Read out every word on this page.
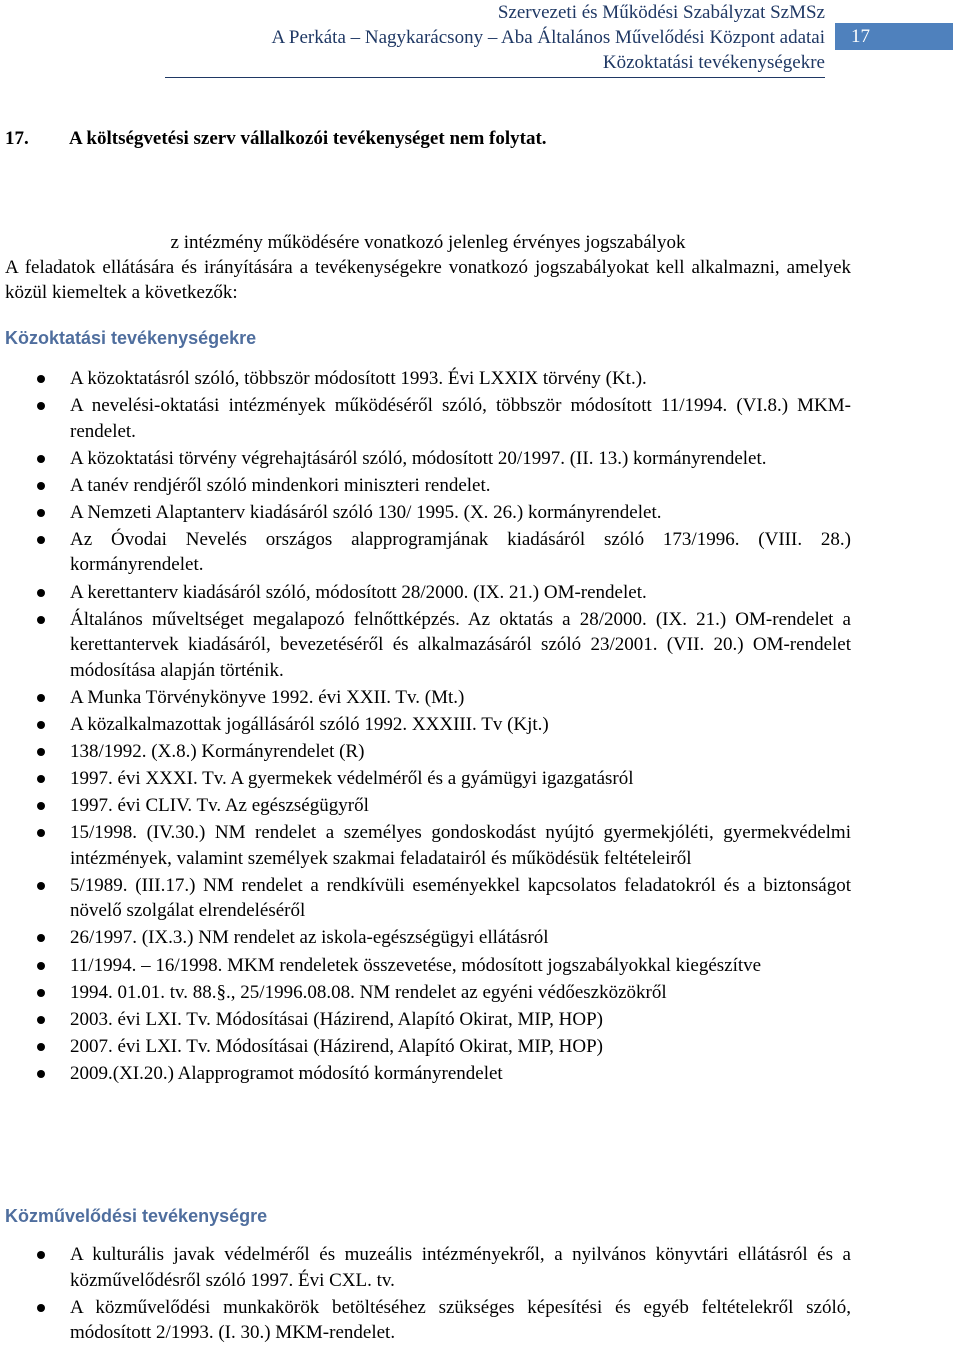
Szervezeti és Működési Szabályzat SzMSz
A Perkáta – Nagykarácsony – Aba Általános Művelődési Központ adatai
Közoktatási tevékenységekre
17
17. A költségvetési szerv vállalkozói tevékenységet nem folytat.
z intézmény működésére vonatkozó jelenleg érvényes jogszabályok

A feladatok ellátására és irányítására a tevékenységekre vonatkozó jogszabályokat kell alkalmazni, amelyek közül kiemeltek a következők:

Közoktatási tevékenységekre
A közoktatásról szóló, többször módosított 1993. Évi LXXIX törvény (Kt.).
A nevelési-oktatási intézmények működéséről szóló, többször módosított 11/1994. (VI.8.) MKM-rendelet.
A közoktatási törvény végrehajtásáról szóló, módosított 20/1997. (II. 13.) kormányrendelet.
A tanév rendjéről szóló mindenkori miniszteri rendelet.
A Nemzeti Alaptanterv kiadásáról szóló 130/ 1995. (X. 26.) kormányrendelet.
Az Óvodai Nevelés országos alapprogramjának kiadásáról szóló 173/1996. (VIII. 28.) kormányrendelet.
A kerettanterv kiadásáról szóló, módosított 28/2000. (IX. 21.) OM-rendelet.
Általános műveltséget megalapozó felnőttképzés. Az oktatás a 28/2000. (IX. 21.) OM-rendelet a kerettantervek kiadásáról, bevezetéséről és alkalmazásáról szóló 23/2001. (VII. 20.) OM-rendelet módosítása alapján történik.
A Munka Törvénykönyve 1992. évi XXII. Tv. (Mt.)
A közalkalmazottak jogállásáról szóló 1992. XXXIII. Tv (Kjt.)
138/1992. (X.8.) Kormányrendelet (R)
1997. évi XXXI. Tv. A gyermekek védelméről és a gyámügyi igazgatásról
1997. évi CLIV. Tv. Az egészségügyről
15/1998. (IV.30.) NM rendelet a személyes gondoskodást nyújtó gyermekjóléti, gyermekvédelmi intézmények, valamint személyek szakmai feladatairól és működésük feltételeiről
5/1989. (III.17.) NM rendelet a rendkívüli eseményekkel kapcsolatos feladatokról és a biztonságot növelő szolgálat elrendeléséről
26/1997. (IX.3.) NM rendelet az iskola-egészségügyi ellátásról
11/1994. – 16/1998. MKM rendeletek összevetése, módosított jogszabályokkal kiegészítve
1994. 01.01. tv. 88.§., 25/1996.08.08. NM rendelet az egyéni védőeszközökről
2003. évi LXI. Tv. Módosításai (Házirend, Alapító Okirat, MIP, HOP)
2007. évi LXI. Tv. Módosításai (Házirend, Alapító Okirat, MIP, HOP)
2009.(XI.20.) Alapprogramot módosító kormányrendelet
Közművelődési tevékenységre
A kulturális javak védelméről és muzeális intézményekről, a nyilvános könyvtári ellátásról és a közművelődésről szóló 1997. Évi CXL. tv.
A közművelődési munkakörök betöltéséhez szükséges képesítési és egyéb feltételekről szóló, módosított 2/1993. (I. 30.) MKM-rendelet.
